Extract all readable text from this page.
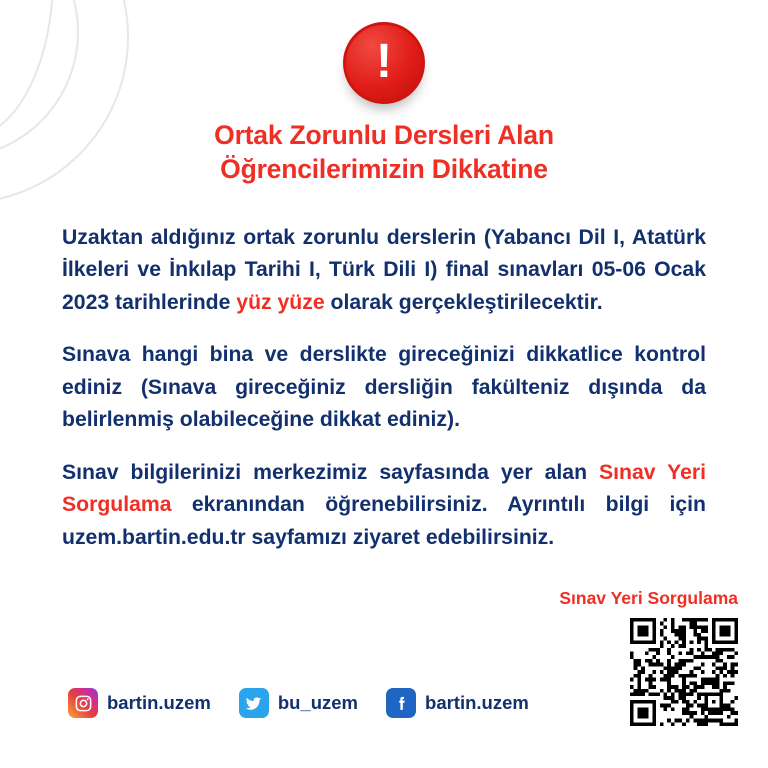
!
Ortak Zorunlu Dersleri Alan
Öğrencilerimizin Dikkatine

Uzaktan aldığınız ortak zorunlu derslerin (Yabancı Dil I, Atatürk İlkeleri ve İnkılap Tarihi I, Türk Dili I) final sınavları 05-06 Ocak 2023 tarihlerinde yüz yüze olarak gerçekleştirilecektir.

Sınava hangi bina ve derslikte gireceğinizi dikkatlice kontrol ediniz (Sınava gireceğiniz dersliğin fakülteniz dışında da belirlenmiş olabileceğine dikkat ediniz).

Sınav bilgilerinizi merkezimiz sayfasında yer alan Sınav Yeri Sorgulama ekranından öğrenebilirsiniz. Ayrıntılı bilgi için uzem.bartin.edu.tr sayfamızı ziyaret edebilirsiniz.

Sınav Yeri Sorgulama
bartin.uzem	bu_uzem	bartin.uzem
